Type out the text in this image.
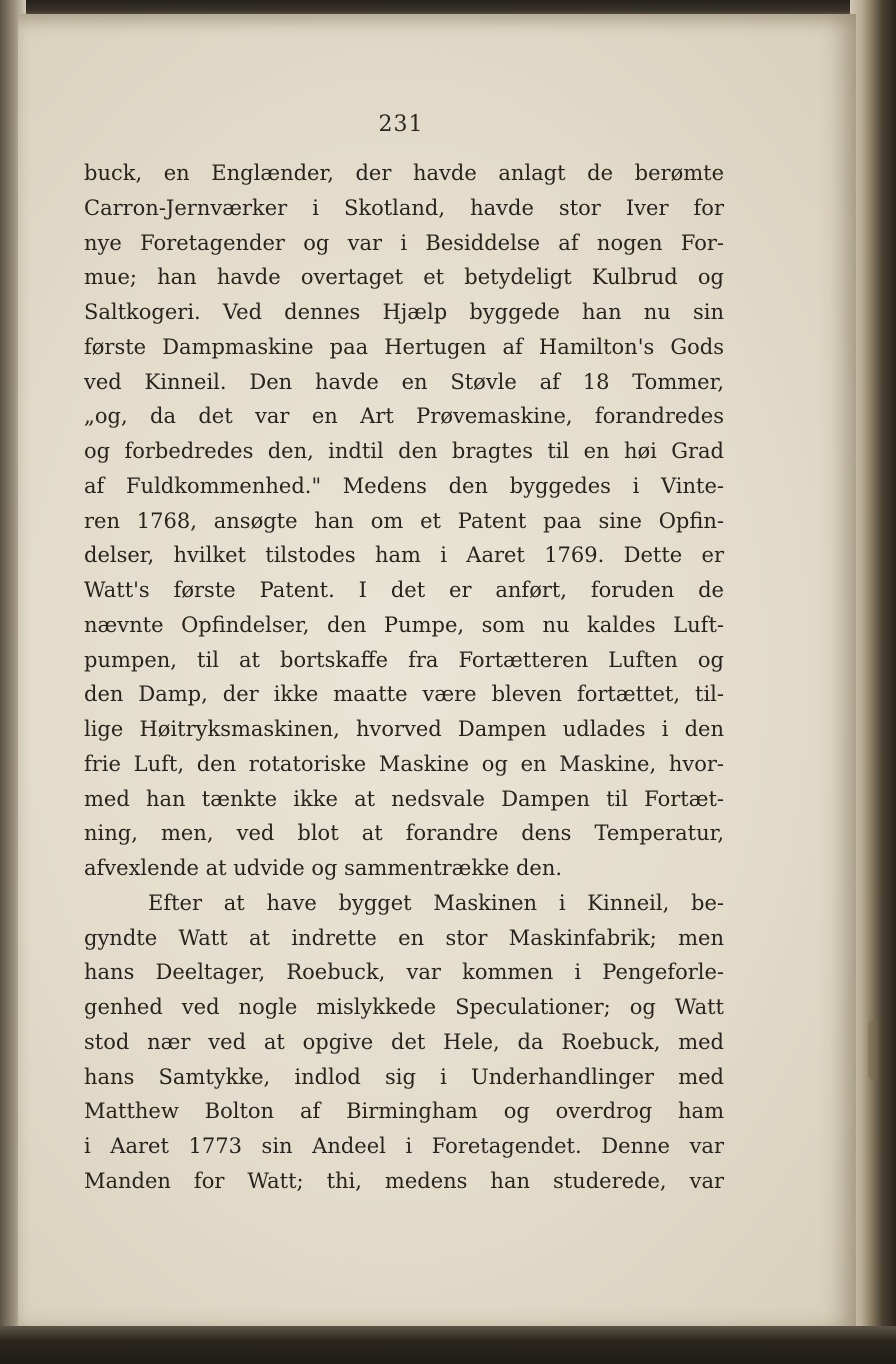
231
buck, en Englænder, der havde anlagt de berømte
Carron-Jernværker i Skotland, havde stor Iver for
nye Foretagender og var i Besiddelse af nogen For-
mue; han havde overtaget et betydeligt Kulbrud og
Saltkogeri. Ved dennes Hjælp byggede han nu sin
første Dampmaskine paa Hertugen af Hamilton's Gods
ved Kinneil. Den havde en Støvle af 18 Tommer,
„og, da det var en Art Prøvemaskine, forandredes
og forbedredes den, indtil den bragtes til en høi Grad
af Fuldkommenhed." Medens den byggedes i Vinte-
ren 1768, ansøgte han om et Patent paa sine Opfin-
delser, hvilket tilstodes ham i Aaret 1769. Dette er
Watt's første Patent. I det er anført, foruden de
nævnte Opfindelser, den Pumpe, som nu kaldes Luft-
pumpen, til at bortskaffe fra Fortætteren Luften og
den Damp, der ikke maatte være bleven fortættet, til-
lige Høitryksmaskinen, hvorved Dampen udlades i den
frie Luft, den rotatoriske Maskine og en Maskine, hvor-
med han tænkte ikke at nedsvale Dampen til Fortæt-
ning, men, ved blot at forandre dens Temperatur,
afvexlende at udvide og sammentrække den.
Efter at have bygget Maskinen i Kinneil, be-
gyndte Watt at indrette en stor Maskinfabrik; men
hans Deeltager, Roebuck, var kommen i Pengeforle-
genhed ved nogle mislykkede Speculationer; og Watt
stod nær ved at opgive det Hele, da Roebuck, med
hans Samtykke, indlod sig i Underhandlinger med
Matthew Bolton af Birmingham og overdrog ham
i Aaret 1773 sin Andeel i Foretagendet. Denne var
Manden for Watt; thi, medens han studerede, var
